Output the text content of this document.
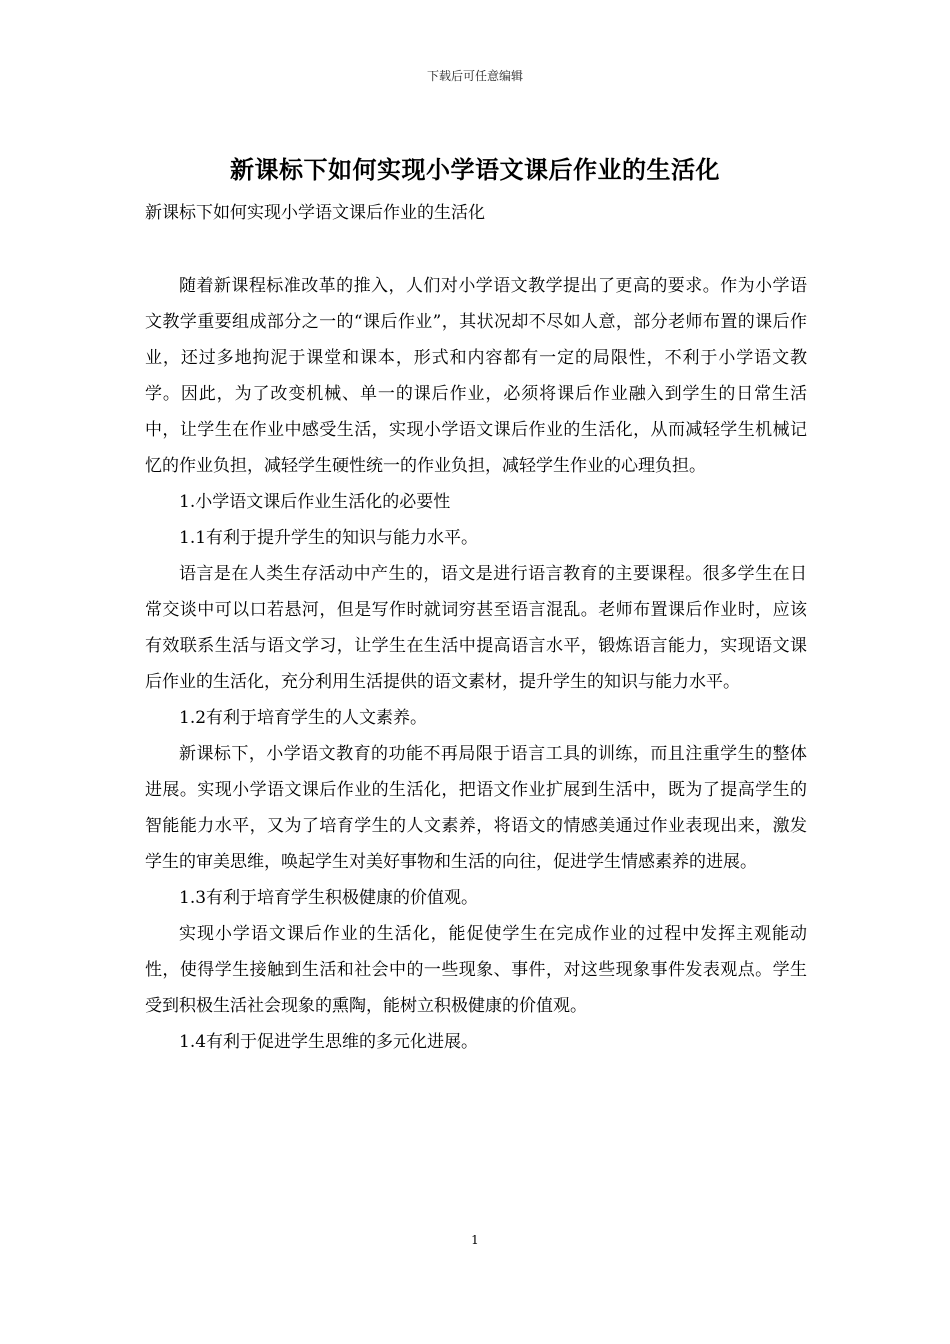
下载后可任意编辑
新课标下如何实现小学语文课后作业的生活化
新课标下如何实现小学语文课后作业的生活化

随着新课程标准改革的推入，人们对小学语文教学提出了更高的要求。作为小学语文教学重要组成部分之一的“课后作业”，其状况却不尽如人意，部分老师布置的课后作业，还过多地拘泥于课堂和课本，形式和内容都有一定的局限性，不利于小学语文教学。因此，为了改变机械、单一的课后作业，必须将课后作业融入到学生的日常生活中，让学生在作业中感受生活，实现小学语文课后作业的生活化，从而减轻学生机械记忆的作业负担，减轻学生硬性统一的作业负担，减轻学生作业的心理负担。

1.小学语文课后作业生活化的必要性

1.1有利于提升学生的知识与能力水平。

语言是在人类生存活动中产生的，语文是进行语言教育的主要课程。很多学生在日常交谈中可以口若悬河，但是写作时就词穷甚至语言混乱。老师布置课后作业时，应该有效联系生活与语文学习，让学生在生活中提高语言水平，锻炼语言能力，实现语文课后作业的生活化，充分利用生活提供的语文素材，提升学生的知识与能力水平。

1.2有利于培育学生的人文素养。

新课标下，小学语文教育的功能不再局限于语言工具的训练，而且注重学生的整体进展。实现小学语文课后作业的生活化，把语文作业扩展到生活中，既为了提高学生的智能能力水平，又为了培育学生的人文素养，将语文的情感美通过作业表现出来，激发学生的审美思维，唤起学生对美好事物和生活的向往，促进学生情感素养的进展。

1.3有利于培育学生积极健康的价值观。

实现小学语文课后作业的生活化，能促使学生在完成作业的过程中发挥主观能动性，使得学生接触到生活和社会中的一些现象、事件，对这些现象事件发表观点。学生受到积极生活社会现象的熏陶，能树立积极健康的价值观。

1.4有利于促进学生思维的多元化进展。

1
